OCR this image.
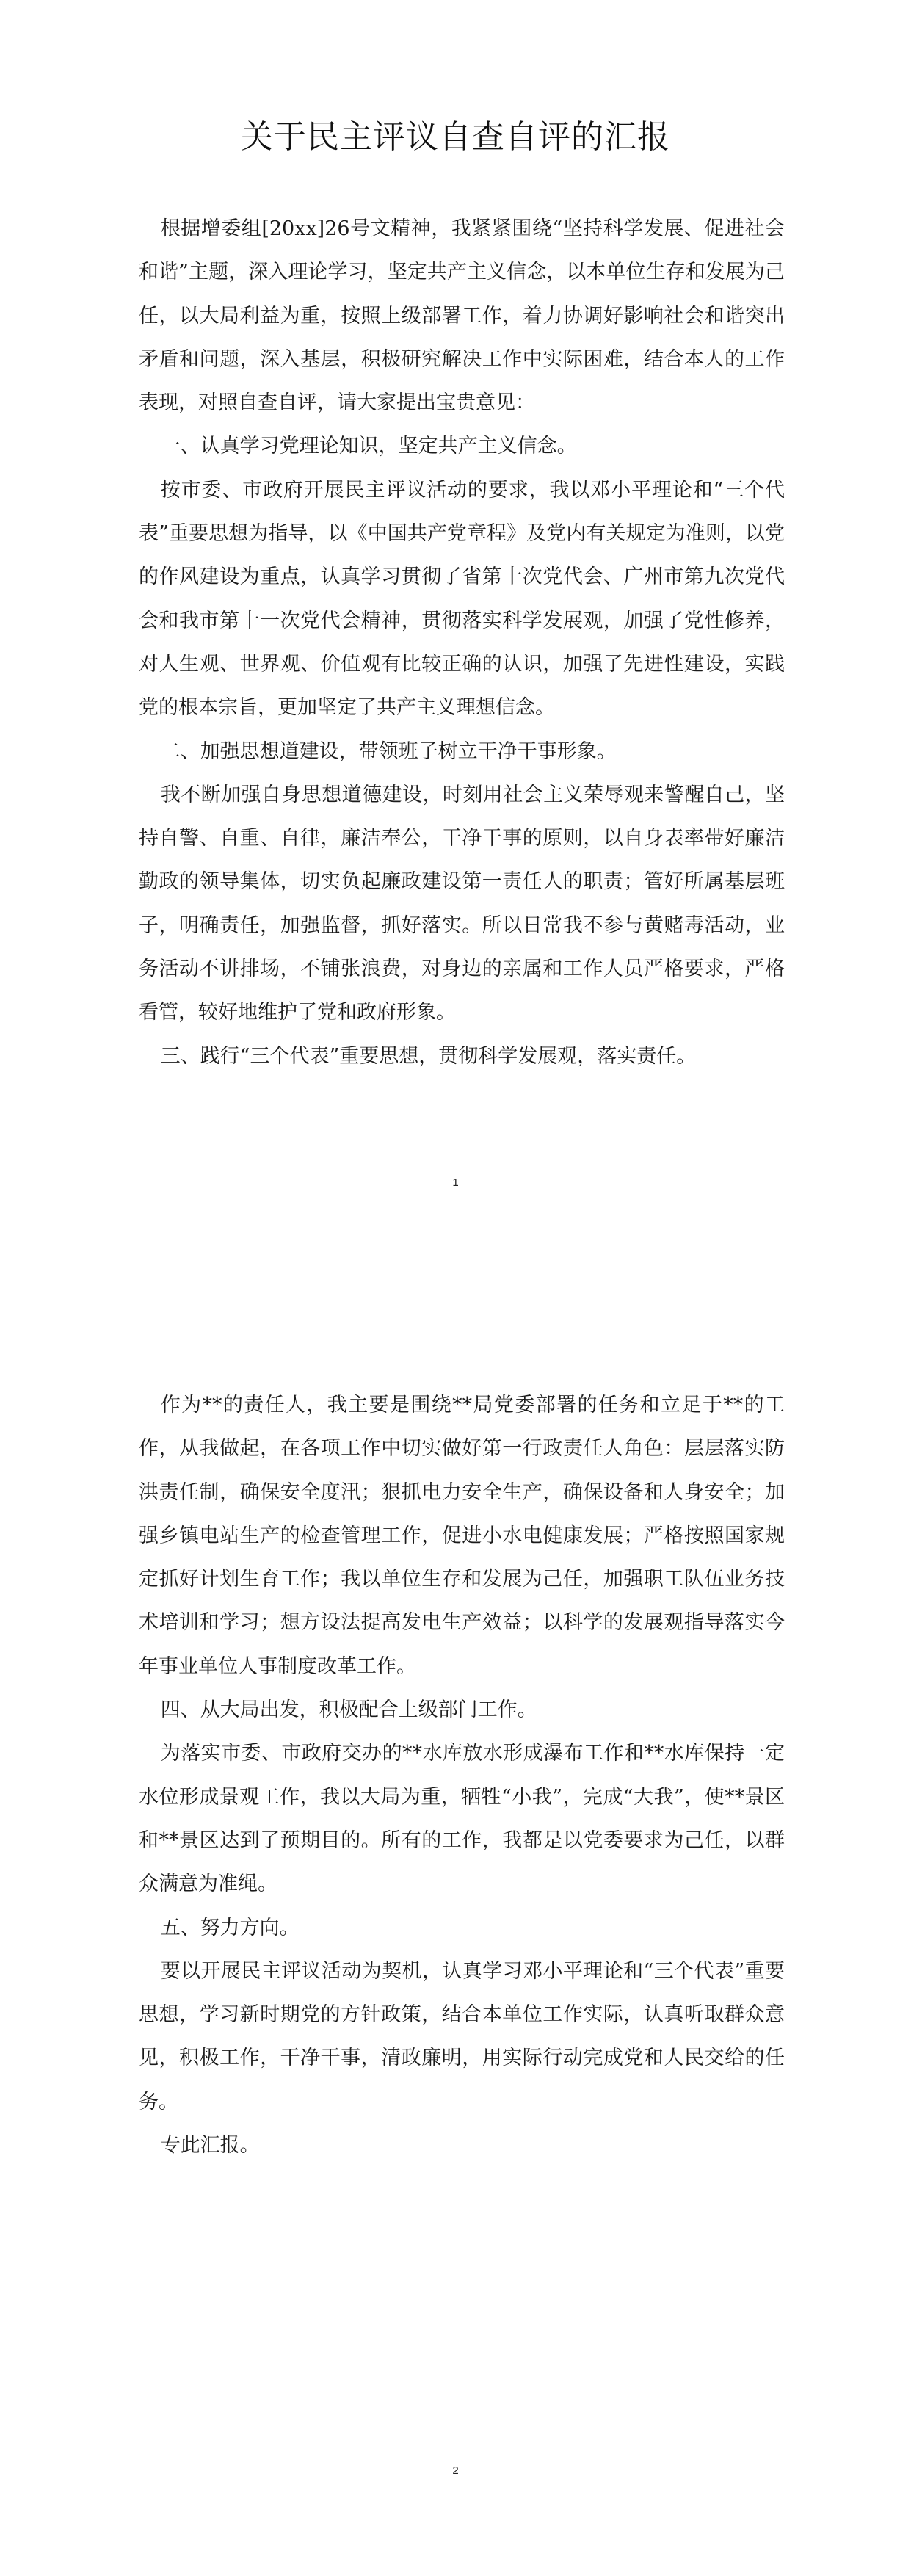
关于民主评议自查自评的汇报

根据增委组[20xx]26号文精神，我紧紧围绕“坚持科学发展、促进社会和谐”主题，深入理论学习，坚定共产主义信念，以本单位生存和发展为己任，以大局利益为重，按照上级部署工作，着力协调好影响社会和谐突出矛盾和问题，深入基层，积极研究解决工作中实际困难，结合本人的工作表现，对照自查自评，请大家提出宝贵意见：

一、认真学习党理论知识，坚定共产主义信念。

按市委、市政府开展民主评议活动的要求，我以邓小平理论和“三个代表”重要思想为指导，以《中国共产党章程》及党内有关规定为准则，以党的作风建设为重点，认真学习贯彻了省第十次党代会、广州市第九次党代会和我市第十一次党代会精神，贯彻落实科学发展观，加强了党性修养，对人生观、世界观、价值观有比较正确的认识，加强了先进性建设，实践党的根本宗旨，更加坚定了共产主义理想信念。

二、加强思想道建设，带领班子树立干净干事形象。

我不断加强自身思想道德建设，时刻用社会主义荣辱观来警醒自己，坚持自警、自重、自律，廉洁奉公，干净干事的原则，以自身表率带好廉洁勤政的领导集体，切实负起廉政建设第一责任人的职责；管好所属基层班子，明确责任，加强监督，抓好落实。所以日常我不参与黄赌毒活动，业务活动不讲排场，不铺张浪费，对身边的亲属和工作人员严格要求，严格看管，较好地维护了党和政府形象。

三、践行“三个代表”重要思想，贯彻科学发展观，落实责任。

1

作为**的责任人，我主要是围绕**局党委部署的任务和立足于**的工作，从我做起，在各项工作中切实做好第一行政责任人角色：层层落实防洪责任制，确保安全度汛；狠抓电力安全生产，确保设备和人身安全；加强乡镇电站生产的检查管理工作，促进小水电健康发展；严格按照国家规定抓好计划生育工作；我以单位生存和发展为己任，加强职工队伍业务技术培训和学习；想方设法提高发电生产效益；以科学的发展观指导落实今年事业单位人事制度改革工作。

四、从大局出发，积极配合上级部门工作。

为落实市委、市政府交办的**水库放水形成瀑布工作和**水库保持一定水位形成景观工作，我以大局为重，牺牲“小我”，完成“大我”，使**景区和**景区达到了预期目的。所有的工作，我都是以党委要求为己任，以群众满意为准绳。

五、努力方向。

要以开展民主评议活动为契机，认真学习邓小平理论和“三个代表”重要思想，学习新时期党的方针政策，结合本单位工作实际，认真听取群众意见，积极工作，干净干事，清政廉明，用实际行动完成党和人民交给的任务。

专此汇报。

2
